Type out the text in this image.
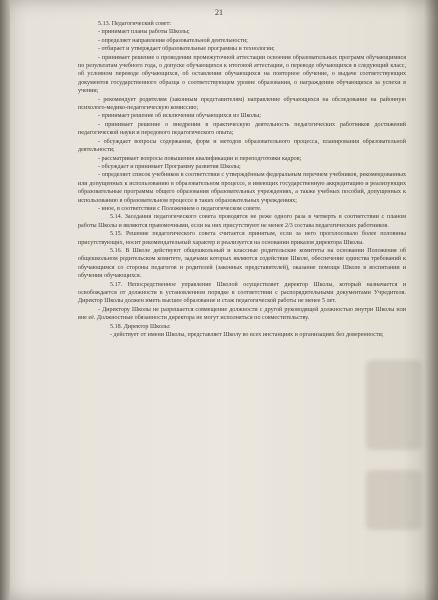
21

5.13. Педагогический совет:

- принимает планы работы Школы;

- определяет направления образовательной деятельности;

- отбирает и утверждает образовательные программы и технологии;

- принимает решение о проведении промежуточной аттестации освоения образовательных программ обучающимися по результатам учебного года, о допуске обучающихся к итоговой аттестации, о переводе обучающихся в следующий класс, об условном переводе обучающихся, об оставлении обучающихся на повторное обучение, о выдаче соответствующих документов государственного образца о соответствующем уровне образования, о награждении обучающихся за успехи в учении;

- рекомендует родителям (законным представителям) направление обучающихся на обследование на районную психолого-медико-педагогическую комиссию;

- принимает решение об исключении обучающихся из Школы;

- принимает решение о внедрении в практическую деятельность педагогических работников достижений педагогической науки и передового педагогического опыта;

- обсуждает вопросы содержания, форм и методов образовательного процесса, планирования образовательной деятельности;

- рассматривает вопросы повышения квалификации и переподготовки кадров;

- обсуждает и принимает Программу развития Школы;

- определяет список учебников в соответствии с утверждённым федеральным перечнем учебников, рекомендованных или допущенных к использованию в образовательном процессе, в имеющих государственную аккредитацию и реализующих образовательные программы общего образования образовательных учреждениях, а также учебных пособий, допущенных к использованию в образовательном процессе в таких образовательных учреждениях;

- иное, в соответствии с Положением о педагогическом совете.

5.14. Заседания педагогического совета проводятся не реже одного раза в четверть в соответствии с планом работы Школы и являются правомочными, если на них присутствуют не менее 2/3 состава педагогических работников.

5.15. Решение педагогического совета считается принятым, если за него проголосовало более половины присутствующих, носит рекомендательный характер и реализуется на основании приказов директора Школы.

5.16. В Школе действуют общешкольный и классные родительские комитеты на основании Положения об общешкольном родительском комитете, задачами которых являются содействие Школе, обеспечение единства требований к обучающимся со стороны педагогов и родителей (законных представителей), оказание помощи Школе в воспитании и обучении обучающихся.

5.17. Непосредственное управление Школой осуществляет директор Школы, который назначается и освобождается от должности в установленном порядке в соответствии с распорядительными документами Учредителя. Директор Школы должен иметь высшее образование и стаж педагогической работы не менее 5 лет.

- Директору Школы не разрешается совмещение должности с другой руководящей должностью внутри Школы или вне её. Должностные обязанности директора не могут исполняться по совместительству.

5.18. Директор Школы:

- действует от имени Школы, представляет Школу во всех инстанциях и организациях без доверенности;
